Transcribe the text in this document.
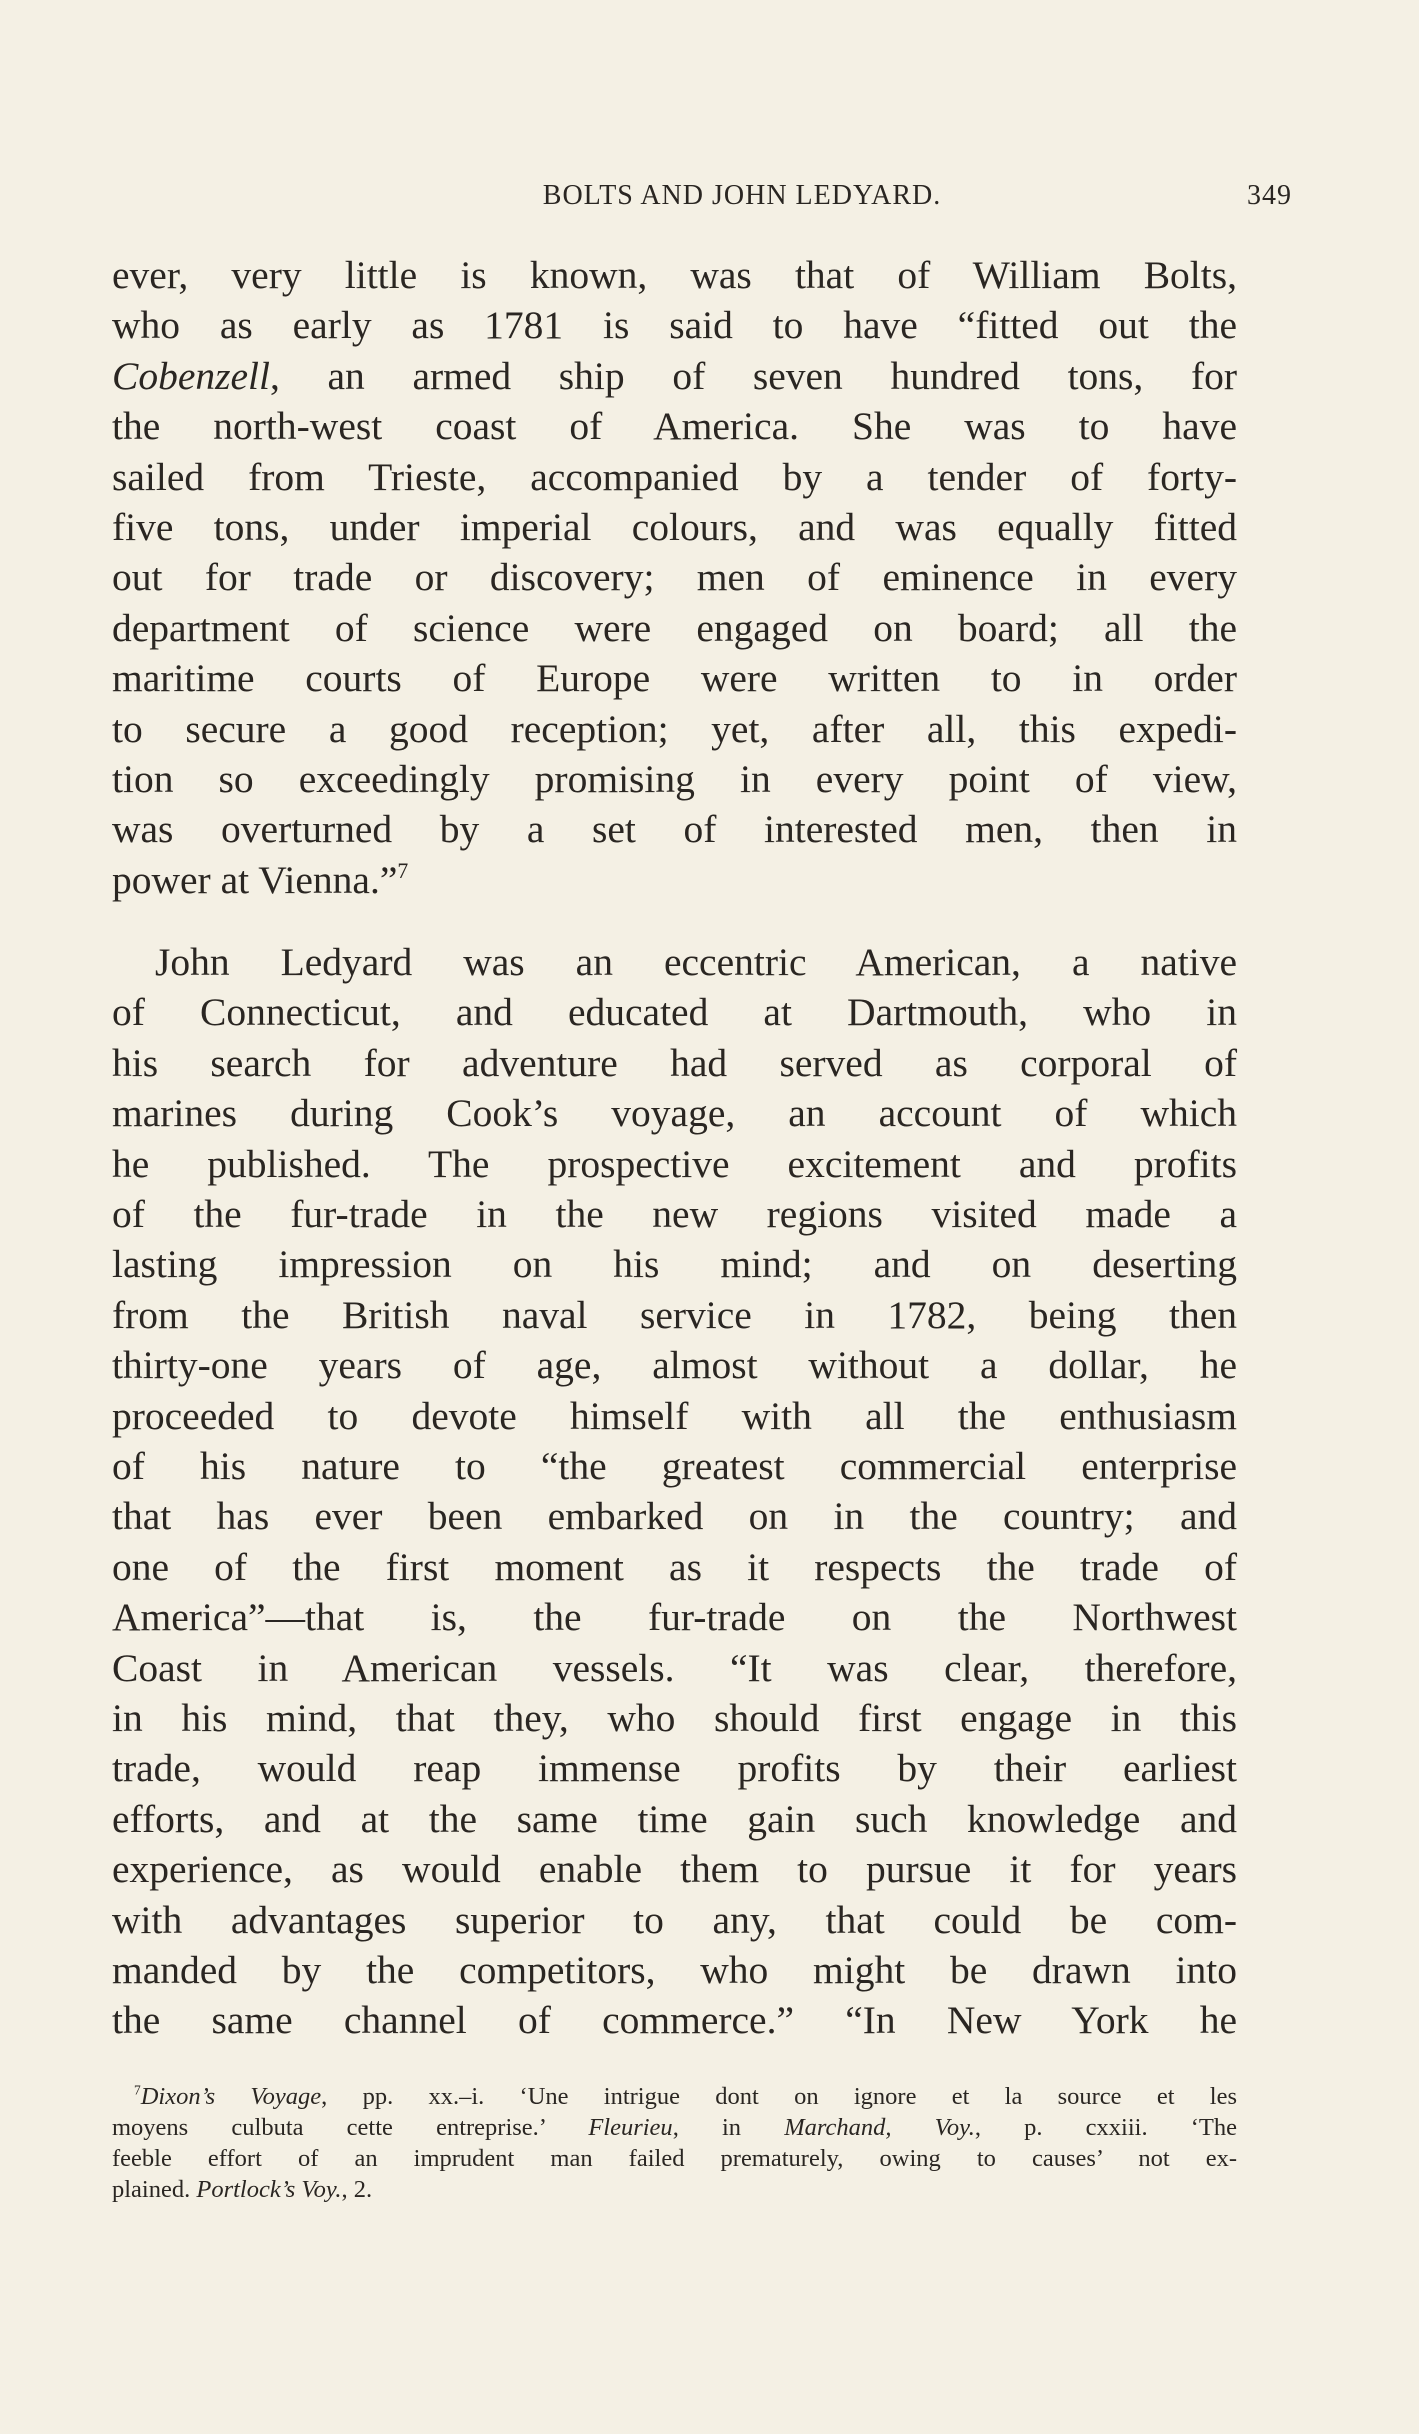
BOLTS AND JOHN LEDYARD.	349
ever, very little is known, was that of William Bolts,
who as early as 1781 is said to have “fitted out the
Cobenzell, an armed ship of seven hundred tons, for
the north-west coast of America. She was to have
sailed from Trieste, accompanied by a tender of forty-
five tons, under imperial colours, and was equally fitted
out for trade or discovery; men of eminence in every
department of science were engaged on board; all the
maritime courts of Europe were written to in order
to secure a good reception; yet, after all, this expedi-
tion so exceedingly promising in every point of view,
was overturned by a set of interested men, then in
power at Vienna.”$^7$
John Ledyard was an eccentric American, a native
of Connecticut, and educated at Dartmouth, who in
his search for adventure had served as corporal of
marines during Cook’s voyage, an account of which
he published. The prospective excitement and profits
of the fur-trade in the new regions visited made a
lasting impression on his mind; and on deserting
from the British naval service in 1782, being then
thirty-one years of age, almost without a dollar, he
proceeded to devote himself with all the enthusiasm
of his nature to “the greatest commercial enterprise
that has ever been embarked on in the country; and
one of the first moment as it respects the trade of
America”—that is, the fur-trade on the Northwest
Coast in American vessels. “It was clear, therefore,
in his mind, that they, who should first engage in this
trade, would reap immense profits by their earliest
efforts, and at the same time gain such knowledge and
experience, as would enable them to pursue it for years
with advantages superior to any, that could be com-
manded by the competitors, who might be drawn into
the same channel of commerce.” “In New York he
$^7$Dixon’s Voyage, pp. xx.–i. ‘Une intrigue dont on ignore et la source et les
moyens culbuta cette entreprise.’ Fleurieu, in Marchand, Voy., p. cxxiii. ‘The
feeble effort of an imprudent man failed prematurely, owing to causes’ not ex-
plained. Portlock’s Voy., 2.
